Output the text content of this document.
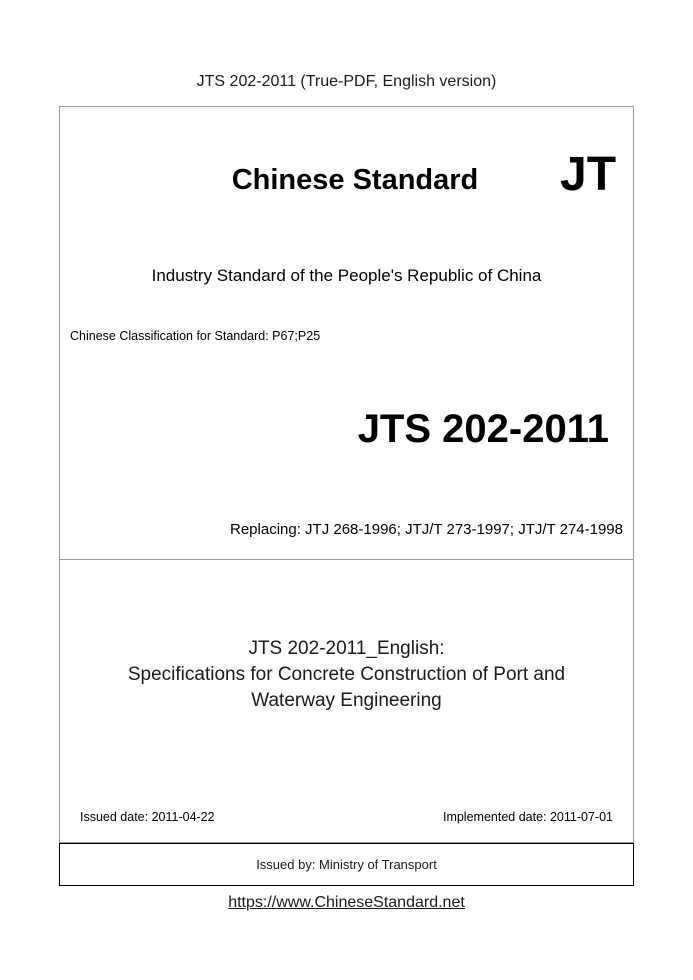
JTS 202-2011 (True-PDF, English version)
Chinese Standard	JT
Industry Standard of the People's Republic of China
Chinese Classification for Standard: P67;P25
JTS 202-2011
Replacing: JTJ 268-1996; JTJ/T 273-1997; JTJ/T 274-1998
JTS 202-2011_English:
Specifications for Concrete Construction of Port and
Waterway Engineering
Issued date: 2011-04-22	Implemented date: 2011-07-01
Issued by: Ministry of Transport
https://www.ChineseStandard.net
